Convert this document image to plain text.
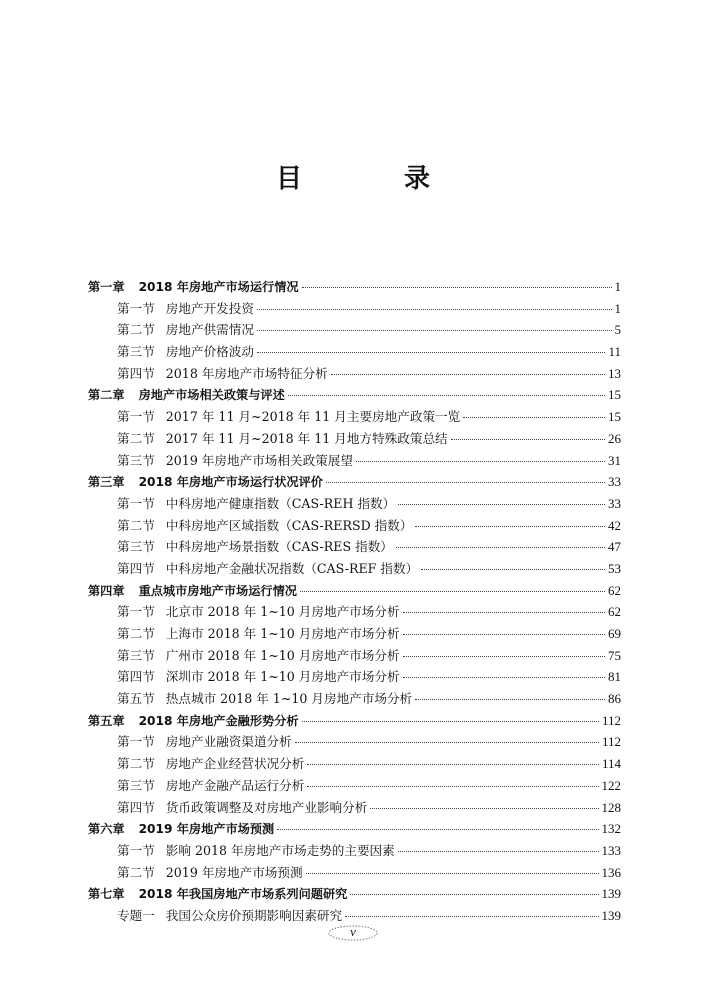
目　录
第一章 2018 年房地产市场运行情况	1
第一节 房地产开发投资	1
第二节 房地产供需情况	5
第三节 房地产价格波动	11
第四节 2018 年房地产市场特征分析	13
第二章 房地产市场相关政策与评述	15
第一节 2017 年 11 月~2018 年 11 月主要房地产政策一览	15
第二节 2017 年 11 月~2018 年 11 月地方特殊政策总结	26
第三节 2019 年房地产市场相关政策展望	31
第三章 2018 年房地产市场运行状况评价	33
第一节 中科房地产健康指数（CAS-REH 指数）	33
第二节 中科房地产区域指数（CAS-RERSD 指数）	42
第三节 中科房地产场景指数（CAS-RES 指数）	47
第四节 中科房地产金融状况指数（CAS-REF 指数）	53
第四章 重点城市房地产市场运行情况	62
第一节 北京市 2018 年 1~10 月房地产市场分析	62
第二节 上海市 2018 年 1~10 月房地产市场分析	69
第三节 广州市 2018 年 1~10 月房地产市场分析	75
第四节 深圳市 2018 年 1~10 月房地产市场分析	81
第五节 热点城市 2018 年 1~10 月房地产市场分析	86
第五章 2018 年房地产金融形势分析	112
第一节 房地产业融资渠道分析	112
第二节 房地产企业经营状况分析	114
第三节 房地产金融产品运行分析	122
第四节 货币政策调整及对房地产业影响分析	128
第六章 2019 年房地产市场预测	132
第一节 影响 2018 年房地产市场走势的主要因素	133
第二节 2019 年房地产市场预测	136
第七章 2018 年我国房地产市场系列问题研究	139
专题一 我国公众房价预期影响因素研究	139
v
